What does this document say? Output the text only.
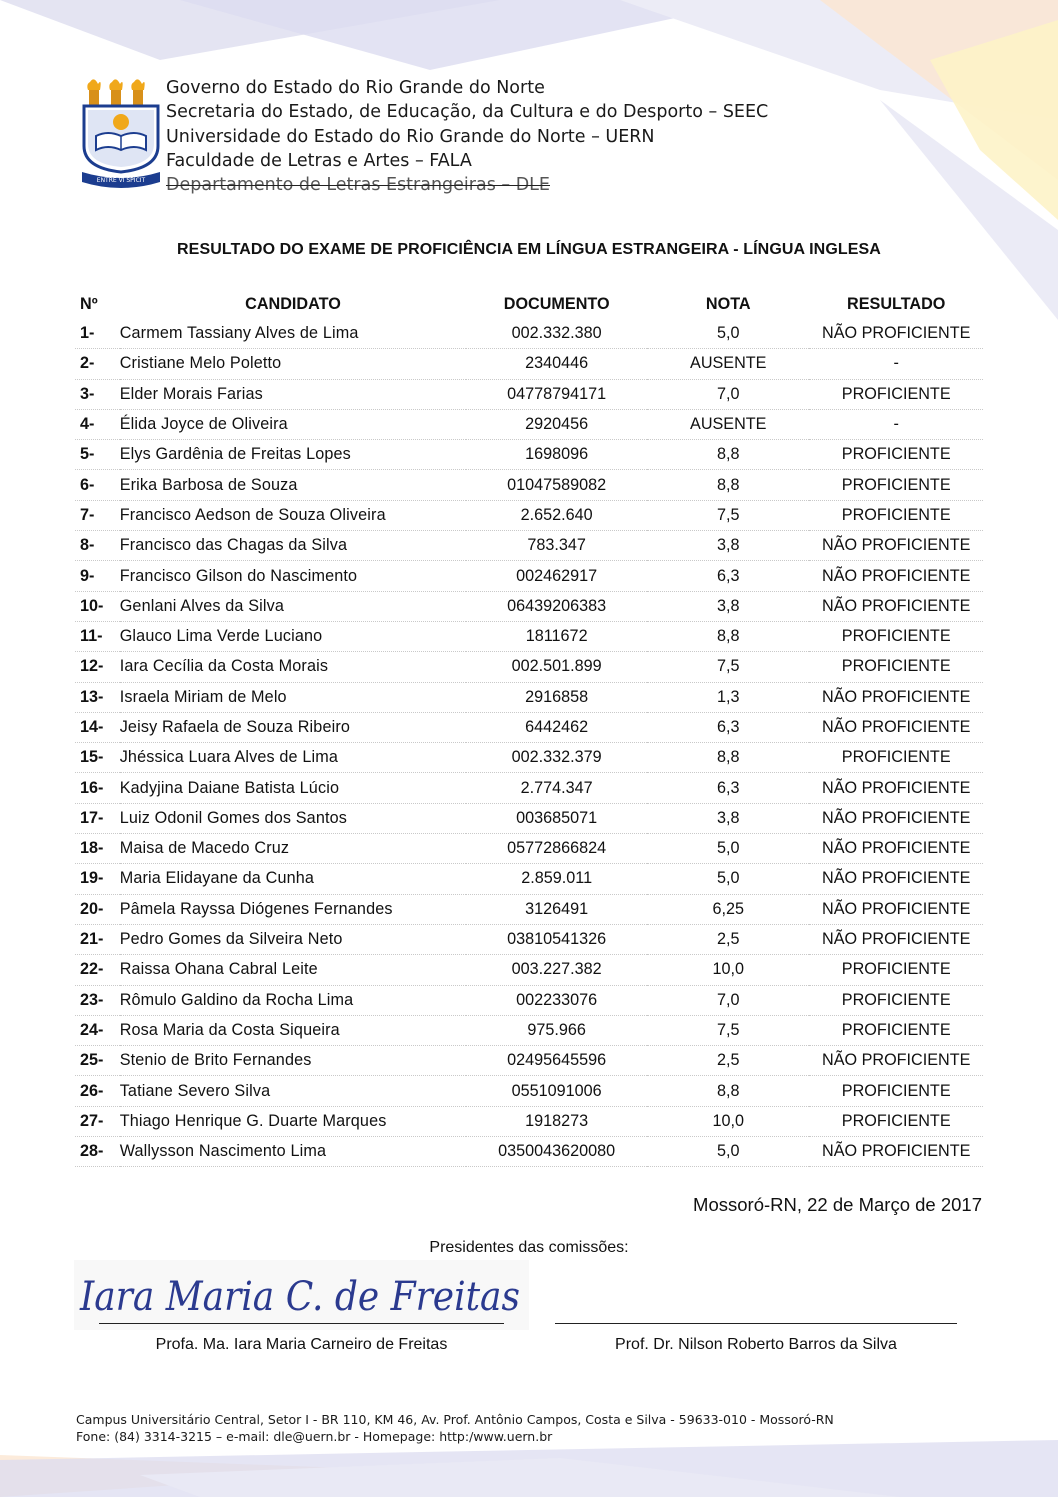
ENTRE VI SPICIT
Governo do Estado do Rio Grande do Norte
Secretaria do Estado, de Educação, da Cultura e do Desporto – SEEC
Universidade do Estado do Rio Grande do Norte – UERN
Faculdade de Letras e Artes – FALA
Departamento de Letras Estrangeiras – DLE
RESULTADO DO EXAME DE PROFICIÊNCIA EM LÍNGUA ESTRANGEIRA - LÍNGUA INGLESA
Nº	CANDIDATO	DOCUMENTO	NOTA	RESULTADO
1-	Carmem Tassiany Alves de Lima	002.332.380	5,0	NÃO PROFICIENTE
2-	Cristiane Melo Poletto	2340446	AUSENTE	-
3-	Elder Morais Farias	04778794171	7,0	PROFICIENTE
4-	Élida Joyce de Oliveira	2920456	AUSENTE	-
5-	Elys Gardênia de Freitas Lopes	1698096	8,8	PROFICIENTE
6-	Erika Barbosa de Souza	01047589082	8,8	PROFICIENTE
7-	Francisco Aedson de Souza Oliveira	2.652.640	7,5	PROFICIENTE
8-	Francisco das Chagas da Silva	783.347	3,8	NÃO PROFICIENTE
9-	Francisco Gilson do Nascimento	002462917	6,3	NÃO PROFICIENTE
10-	Genlani Alves da Silva	06439206383	3,8	NÃO PROFICIENTE
11-	Glauco Lima Verde Luciano	1811672	8,8	PROFICIENTE
12-	Iara Cecília da Costa Morais	002.501.899	7,5	PROFICIENTE
13-	Israela Miriam de Melo	2916858	1,3	NÃO PROFICIENTE
14-	Jeisy Rafaela de Souza Ribeiro	6442462	6,3	NÃO PROFICIENTE
15-	Jhéssica Luara Alves de Lima	002.332.379	8,8	PROFICIENTE
16-	Kadyjina Daiane Batista Lúcio	2.774.347	6,3	NÃO PROFICIENTE
17-	Luiz Odonil Gomes dos Santos	003685071	3,8	NÃO PROFICIENTE
18-	Maisa de Macedo Cruz	05772866824	5,0	NÃO PROFICIENTE
19-	Maria Elidayane da Cunha	2.859.011	5,0	NÃO PROFICIENTE
20-	Pâmela Rayssa Diógenes Fernandes	3126491	6,25	NÃO PROFICIENTE
21-	Pedro Gomes da Silveira Neto	03810541326	2,5	NÃO PROFICIENTE
22-	Raissa Ohana Cabral Leite	003.227.382	10,0	PROFICIENTE
23-	Rômulo Galdino da Rocha Lima	002233076	7,0	PROFICIENTE
24-	Rosa Maria da Costa Siqueira	975.966	7,5	PROFICIENTE
25-	Stenio de Brito Fernandes	02495645596	2,5	NÃO PROFICIENTE
26-	Tatiane Severo Silva	0551091006	8,8	PROFICIENTE
27-	Thiago Henrique G. Duarte Marques	1918273	10,0	PROFICIENTE
28-	Wallysson Nascimento Lima	0350043620080	5,0	NÃO PROFICIENTE
Mossoró-RN, 22 de Março de 2017
Presidentes das comissões:
Iara Maria C. de Freitas
Profa. Ma. Iara Maria Carneiro de Freitas	Prof. Dr. Nilson Roberto Barros da Silva
Campus Universitário Central, Setor I - BR 110, KM 46, Av. Prof. Antônio Campos, Costa e Silva - 59633-010 - Mossoró-RN
Fone: (84) 3314-3215 – e-mail: dle@uern.br - Homepage: http:/www.uern.br
